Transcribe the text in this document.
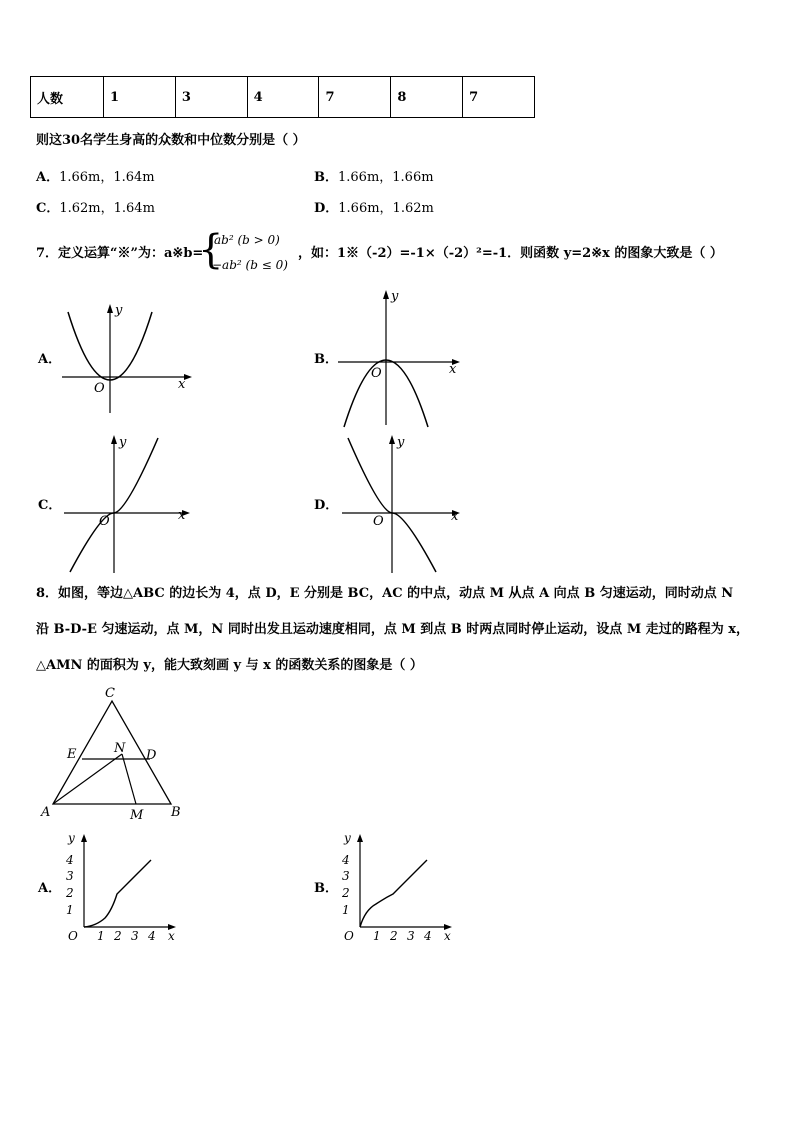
人数	1	3	4	7	8	7
则这30名学生身高的众数和中位数分别是（ ）
A．1.66m，1.64m	B．1.66m，1.66m
C．1.62m，1.64m	D．1.66m，1.62m
7．定义运算“※”为：a※b=
{
ab² (b > 0)
−ab² (b ≤ 0)
，如：1※（-2）=-1×（-2）²=-1．则函数 y=2※x 的图象大致是（ ）
A．	B．
C．	D．
x
y
O
x
y
O
x
y
O	x
y
O
8．如图，等边△ABC 的边长为 4，点 D，E 分别是 BC，AC 的中点，动点 M 从点 A 向点 B 匀速运动，同时动点 N
沿 B-D-E 匀速运动，点 M，N 同时出发且运动速度相同，点 M 到点 B 时两点同时停止运动，设点 M 走过的路程为 x，
△AMN 的面积为 y，能大致刻画 y 与 x 的函数关系的图象是（ ）
C
E	N D
A	M B
A．	B．
4
3
2
1
1 2 3 4 x
y
O
4
3
2
1
1 2 3 4 x
y
O
